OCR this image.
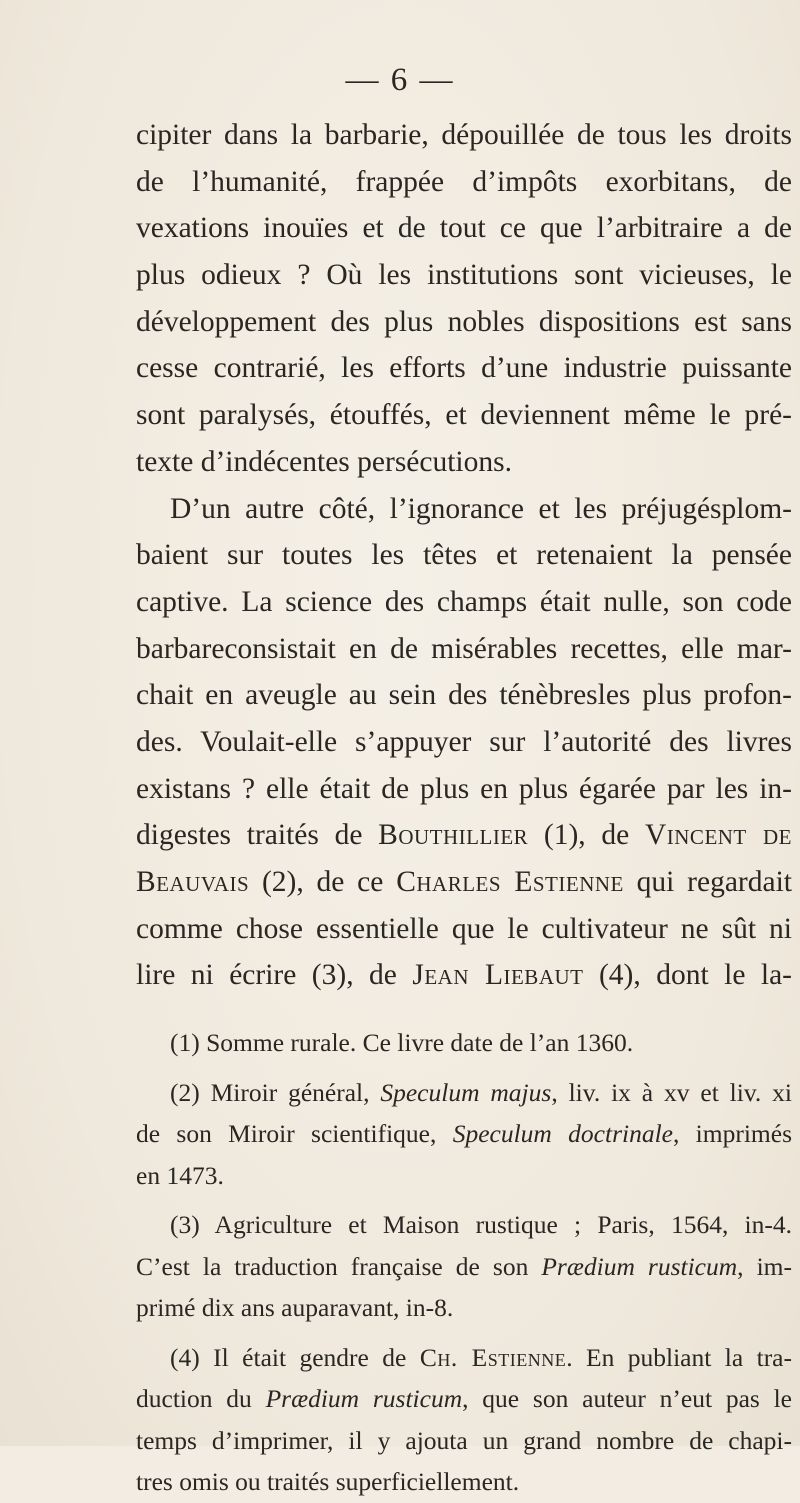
— 6 —
cipiter dans la barbarie, dépouillée de tous les droits
de l’humanité, frappée d’impôts exorbitans, de
vexations inouïes et de tout ce que l’arbitraire a de
plus odieux ? Où les institutions sont vicieuses, le
développement des plus nobles dispositions est sans
cesse contrarié, les efforts d’une industrie puissante
sont paralysés, étouffés, et deviennent même le pré-
texte d’indécentes persécutions.
D’un autre côté, l’ignorance et les préjugésplom-
baient sur toutes les têtes et retenaient la pensée
captive. La science des champs était nulle, son code
barbareconsistait en de misérables recettes, elle mar-
chait en aveugle au sein des ténèbresles plus profon-
des. Voulait-elle s’appuyer sur l’autorité des livres
existans ? elle était de plus en plus égarée par les in-
digestes traités de Bouthillier (1), de Vincent de
Beauvais (2), de ce Charles Estienne qui regardait
comme chose essentielle que le cultivateur ne sût ni
lire ni écrire (3), de Jean Liebaut (4), dont le la-
(1) Somme rurale. Ce livre date de l’an 1360.
(2) Miroir général, Speculum majus, liv. ix à xv et liv. xi
de son Miroir scientifique, Speculum doctrinale, imprimés
en 1473.
(3) Agriculture et Maison rustique ; Paris, 1564, in-4.
C’est la traduction française de son Prædium rusticum, im-
primé dix ans auparavant, in-8.
(4) Il était gendre de Ch. Estienne. En publiant la tra-
duction du Prædium rusticum, que son auteur n’eut pas le
temps d’imprimer, il y ajouta un grand nombre de chapi-
tres omis ou traités superficiellement.
